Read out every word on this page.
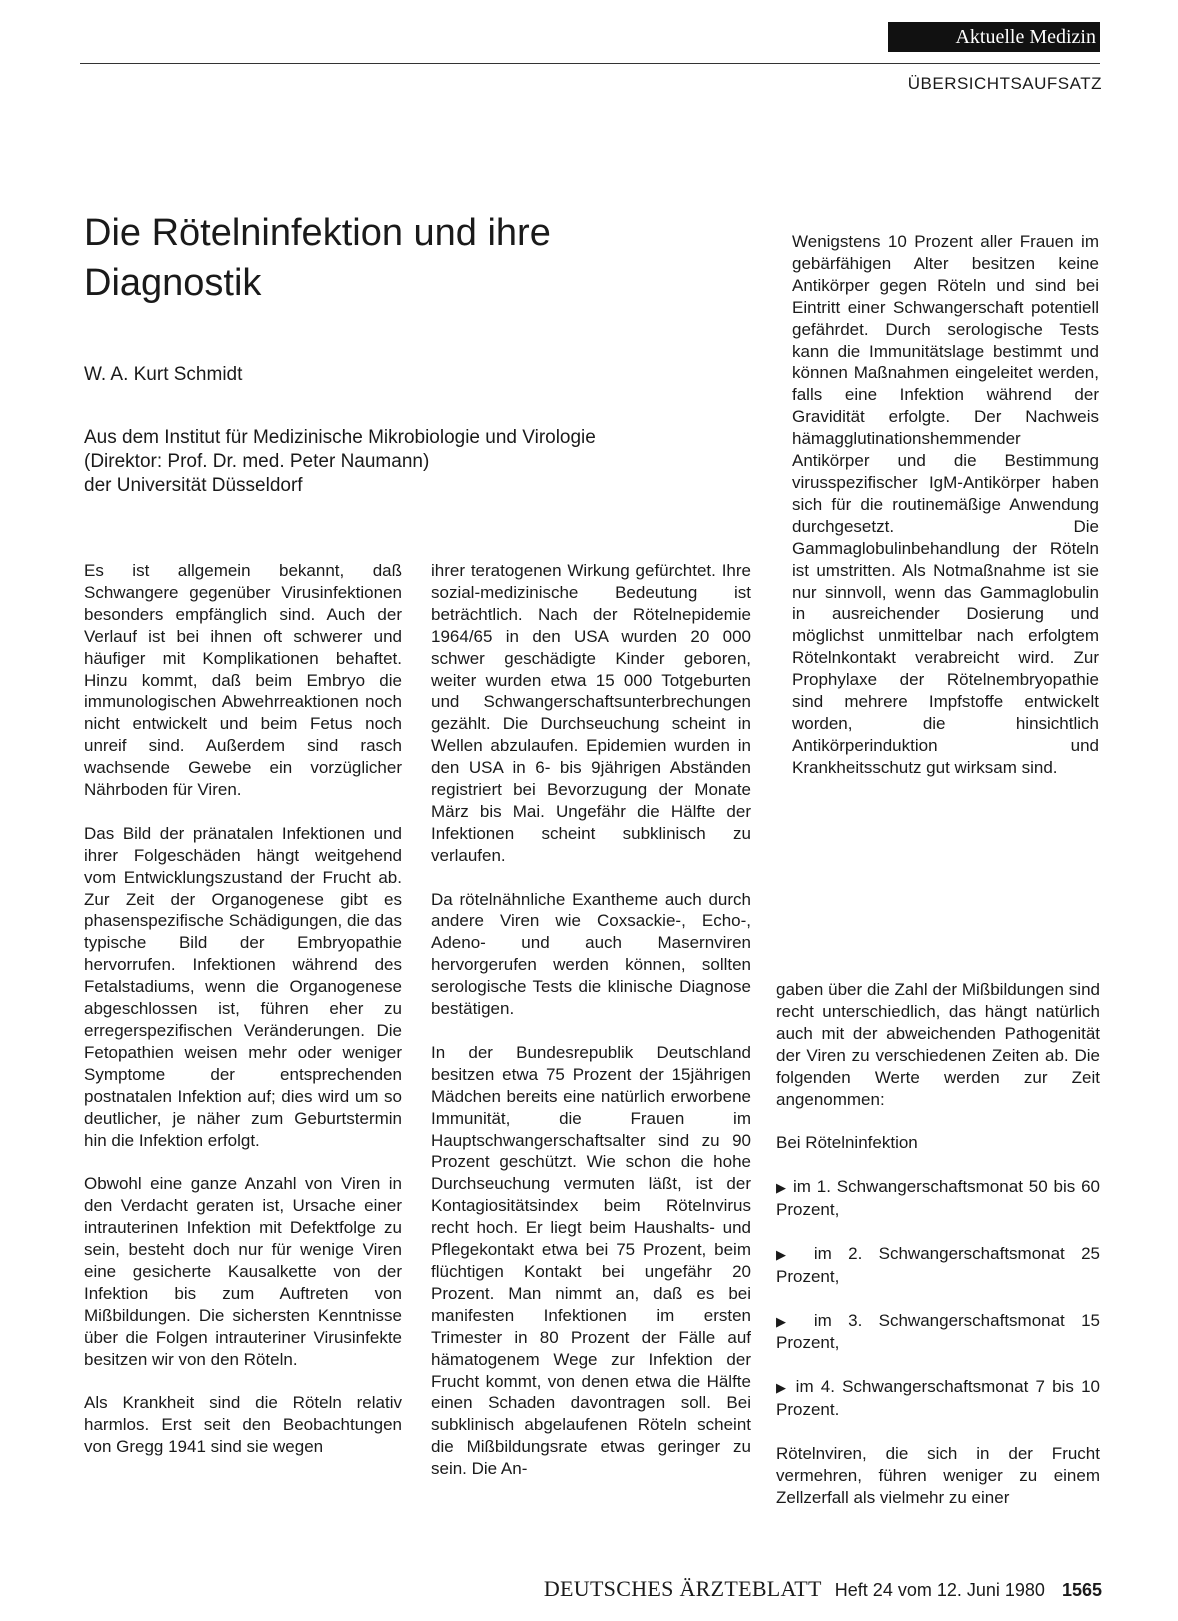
Aktuelle Medizin
ÜBERSICHTSAUFSATZ
Die Rötelninfektion und ihre Diagnostik
W. A. Kurt Schmidt
Aus dem Institut für Medizinische Mikrobiologie und Virologie
(Direktor: Prof. Dr. med. Peter Naumann)
der Universität Düsseldorf

Es ist allgemein bekannt, daß Schwangere gegenüber Virusinfektionen besonders empfänglich sind. Auch der Verlauf ist bei ihnen oft schwerer und häufiger mit Komplikationen behaftet. Hinzu kommt, daß beim Embryo die immunologischen Abwehrreaktionen noch nicht entwickelt und beim Fetus noch unreif sind. Außerdem sind rasch wachsende Gewebe ein vorzüglicher Nährboden für Viren.

Das Bild der pränatalen Infektionen und ihrer Folgeschäden hängt weitgehend vom Entwicklungszustand der Frucht ab. Zur Zeit der Organogenese gibt es phasenspezifische Schädigungen, die das typische Bild der Embryopathie hervorrufen. Infektionen während des Fetalstadiums, wenn die Organogenese abgeschlossen ist, führen eher zu erregerspezifischen Veränderungen. Die Fetopathien weisen mehr oder weniger Symptome der entsprechenden postnatalen Infektion auf; dies wird um so deutlicher, je näher zum Geburtstermin hin die Infektion erfolgt.

Obwohl eine ganze Anzahl von Viren in den Verdacht geraten ist, Ursache einer intrauterinen Infektion mit Defektfolge zu sein, besteht doch nur für wenige Viren eine gesicherte Kausalkette von der Infektion bis zum Auftreten von Mißbildungen. Die sichersten Kenntnisse über die Folgen intrauteriner Virusinfekte besitzen wir von den Röteln.

Als Krankheit sind die Röteln relativ harmlos. Erst seit den Beobachtungen von Gregg 1941 sind sie wegen

ihrer teratogenen Wirkung gefürchtet. Ihre sozial-medizinische Bedeutung ist beträchtlich. Nach der Rötelnepidemie 1964/65 in den USA wurden 20 000 schwer geschädigte Kinder geboren, weiter wurden etwa 15 000 Totgeburten und Schwangerschaftsunterbrechungen gezählt. Die Durchseuchung scheint in Wellen abzulaufen. Epidemien wurden in den USA in 6- bis 9jährigen Abständen registriert bei Bevorzugung der Monate März bis Mai. Ungefähr die Hälfte der Infektionen scheint subklinisch zu verlaufen.

Da rötelnähnliche Exantheme auch durch andere Viren wie Coxsackie-, Echo-, Adeno- und auch Masernviren hervorgerufen werden können, sollten serologische Tests die klinische Diagnose bestätigen.

In der Bundesrepublik Deutschland besitzen etwa 75 Prozent der 15jährigen Mädchen bereits eine natürlich erworbene Immunität, die Frauen im Hauptschwangerschaftsalter sind zu 90 Prozent geschützt. Wie schon die hohe Durchseuchung vermuten läßt, ist der Kontagiositätsindex beim Rötelnvirus recht hoch. Er liegt beim Haushalts- und Pflegekontakt etwa bei 75 Prozent, beim flüchtigen Kontakt bei ungefähr 20 Prozent. Man nimmt an, daß es bei manifesten Infektionen im ersten Trimester in 80 Prozent der Fälle auf hämatogenem Wege zur Infektion der Frucht kommt, von denen etwa die Hälfte einen Schaden davontragen soll. Bei subklinisch abgelaufenen Röteln scheint die Mißbildungsrate etwas geringer zu sein. Die An-

Wenigstens 10 Prozent aller Frauen im gebärfähigen Alter besitzen keine Antikörper gegen Röteln und sind bei Eintritt einer Schwangerschaft potentiell gefährdet. Durch serologische Tests kann die Immunitätslage bestimmt und können Maßnahmen eingeleitet werden, falls eine Infektion während der Gravidität erfolgte. Der Nachweis hämagglutinationshemmender Antikörper und die Bestimmung virusspezifischer IgM-Antikörper haben sich für die routinemäßige Anwendung durchgesetzt. Die Gammaglobulinbehandlung der Röteln ist umstritten. Als Notmaßnahme ist sie nur sinnvoll, wenn das Gammaglobulin in ausreichender Dosierung und möglichst unmittelbar nach erfolgtem Rötelnkontakt verabreicht wird. Zur Prophylaxe der Rötelnembryopathie sind mehrere Impfstoffe entwickelt worden, die hinsichtlich Antikörperinduktion und Krankheitsschutz gut wirksam sind.

gaben über die Zahl der Mißbildungen sind recht unterschiedlich, das hängt natürlich auch mit der abweichenden Pathogenität der Viren zu verschiedenen Zeiten ab. Die folgenden Werte werden zur Zeit angenommen:

Bei Rötelninfektion

▶ im 1. Schwangerschaftsmonat 50 bis 60 Prozent,

▶ im 2. Schwangerschaftsmonat 25 Prozent,

▶ im 3. Schwangerschaftsmonat 15 Prozent,

▶ im 4. Schwangerschaftsmonat 7 bis 10 Prozent.

Rötelnviren, die sich in der Frucht vermehren, führen weniger zu einem Zellzerfall als vielmehr zu einer

DEUTSCHES ÄRZTEBLATT Heft 24 vom 12. Juni 1980 1565
